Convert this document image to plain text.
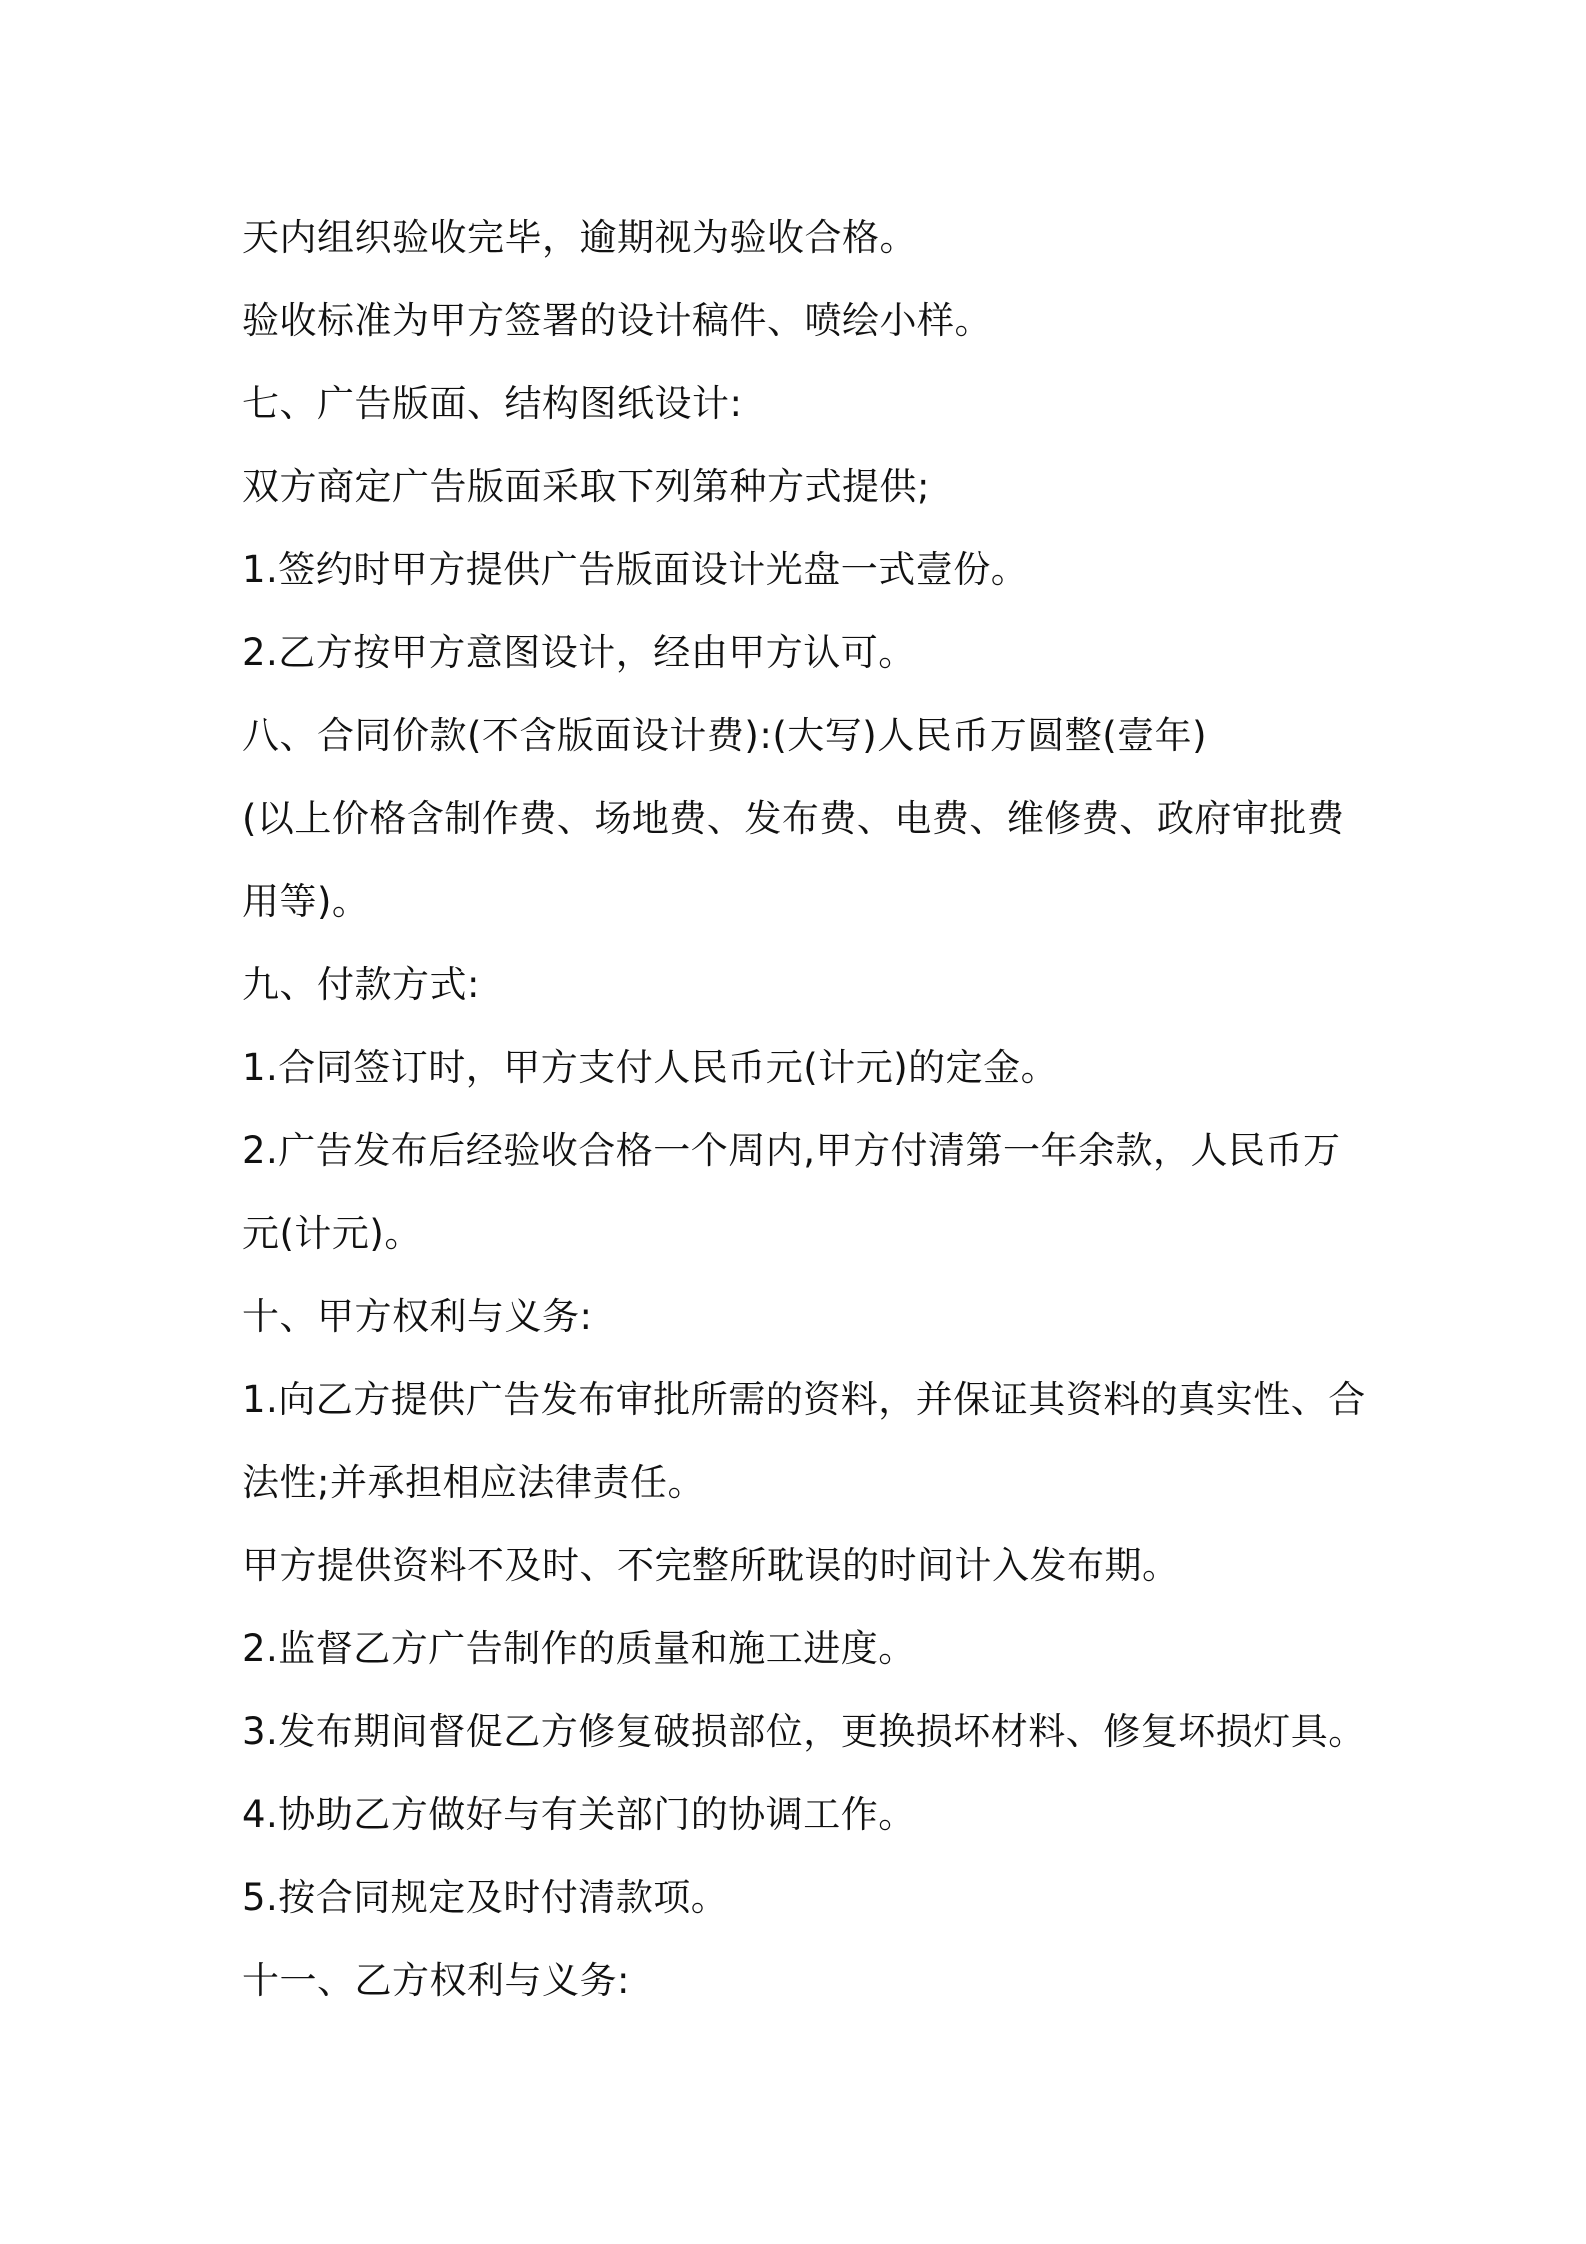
天内组织验收完毕，逾期视为验收合格。
验收标准为甲方签署的设计稿件、喷绘小样。
七、广告版面、结构图纸设计:
双方商定广告版面采取下列第种方式提供;
1.签约时甲方提供广告版面设计光盘一式壹份。
2.乙方按甲方意图设计，经由甲方认可。
八、合同价款(不含版面设计费):(大写)人民币万圆整(壹年)
(以上价格含制作费、场地费、发布费、电费、维修费、政府审批费
用等)。
九、付款方式:
1.合同签订时，甲方支付人民币元(计元)的定金。
2.广告发布后经验收合格一个周内,甲方付清第一年余款，人民币万
元(计元)。
十、甲方权利与义务:
1.向乙方提供广告发布审批所需的资料，并保证其资料的真实性、合
法性;并承担相应法律责任。
甲方提供资料不及时、不完整所耽误的时间计入发布期。
2.监督乙方广告制作的质量和施工进度。
3.发布期间督促乙方修复破损部位，更换损坏材料、修复坏损灯具。
4.协助乙方做好与有关部门的协调工作。
5.按合同规定及时付清款项。
十一、乙方权利与义务:
